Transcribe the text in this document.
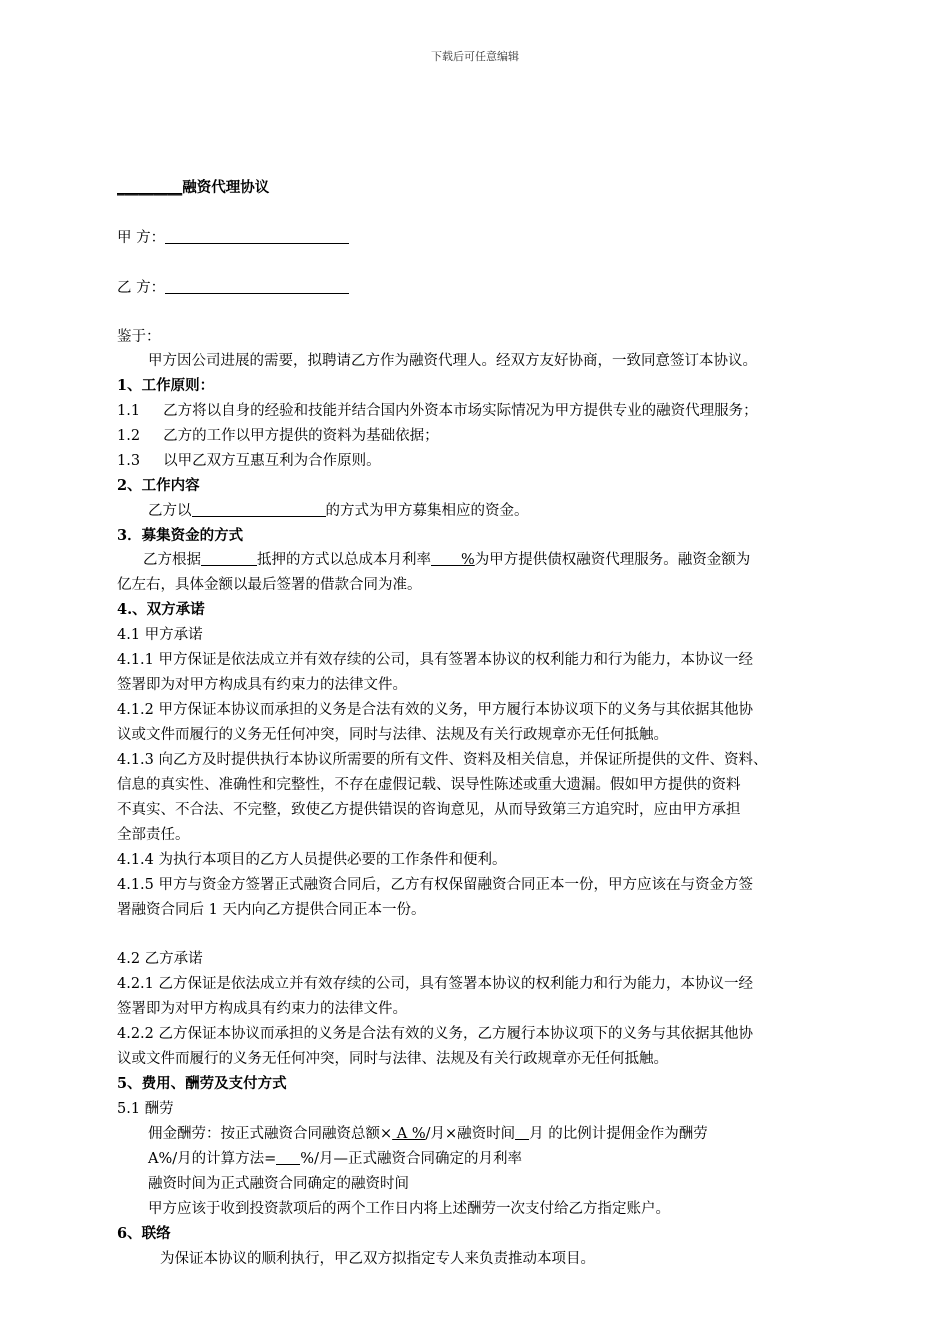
下载后可任意编辑
_________融资代理协议
甲 方：
乙 方：
鉴于：
甲方因公司进展的需要，拟聘请乙方作为融资代理人。经双方友好协商，一致同意签订本协议。
1、工作原则：
1.1     乙方将以自身的经验和技能并结合国内外资本市场实际情况为甲方提供专业的融资代理服务；
1.2     乙方的工作以甲方提供的资料为基础依据；
1.3     以甲乙双方互惠互利为合作原则。
2、工作内容
乙方以	的方式为甲方募集相应的资金。
3．募集资金的方式
乙方根据	抵押的方式以总成本月利率 %为甲方提供债权融资代理服务。融资金额为
亿左右，具体金额以最后签署的借款合同为准。
4.、双方承诺
4.1 甲方承诺
4.1.1 甲方保证是依法成立并有效存续的公司，具有签署本协议的权利能力和行为能力，本协议一经
签署即为对甲方构成具有约束力的法律文件。
4.1.2 甲方保证本协议而承担的义务是合法有效的义务，甲方履行本协议项下的义务与其依据其他协
议或文件而履行的义务无任何冲突，同时与法律、法规及有关行政规章亦无任何抵触。
4.1.3 向乙方及时提供执行本协议所需要的所有文件、资料及相关信息，并保证所提供的文件、资料、
信息的真实性、准确性和完整性，不存在虚假记载、误导性陈述或重大遗漏。假如甲方提供的资料
不真实、不合法、不完整，致使乙方提供错误的咨询意见，从而导致第三方追究时，应由甲方承担
全部责任。
4.1.4 为执行本项目的乙方人员提供必要的工作条件和便利。
4.1.5 甲方与资金方签署正式融资合同后，乙方有权保留融资合同正本一份，甲方应该在与资金方签
署融资合同后 1 天内向乙方提供合同正本一份。
4.2 乙方承诺
4.2.1 乙方保证是依法成立并有效存续的公司，具有签署本协议的权利能力和行为能力，本协议一经
签署即为对甲方构成具有约束力的法律文件。
4.2.2 乙方保证本协议而承担的义务是合法有效的义务，乙方履行本协议项下的义务与其依据其他协
议或文件而履行的义务无任何冲突，同时与法律、法规及有关行政规章亦无任何抵触。
5、费用、酬劳及支付方式
5.1 酬劳
佣金酬劳：按正式融资合同融资总额× A %/月×融资时间 月 的比例计提佣金作为酬劳
A%/月的计算方法= %/月—正式融资合同确定的月利率
融资时间为正式融资合同确定的融资时间
甲方应该于收到投资款项后的两个工作日内将上述酬劳一次支付给乙方指定账户。
6、联络
为保证本协议的顺利执行，甲乙双方拟指定专人来负责推动本项目。
